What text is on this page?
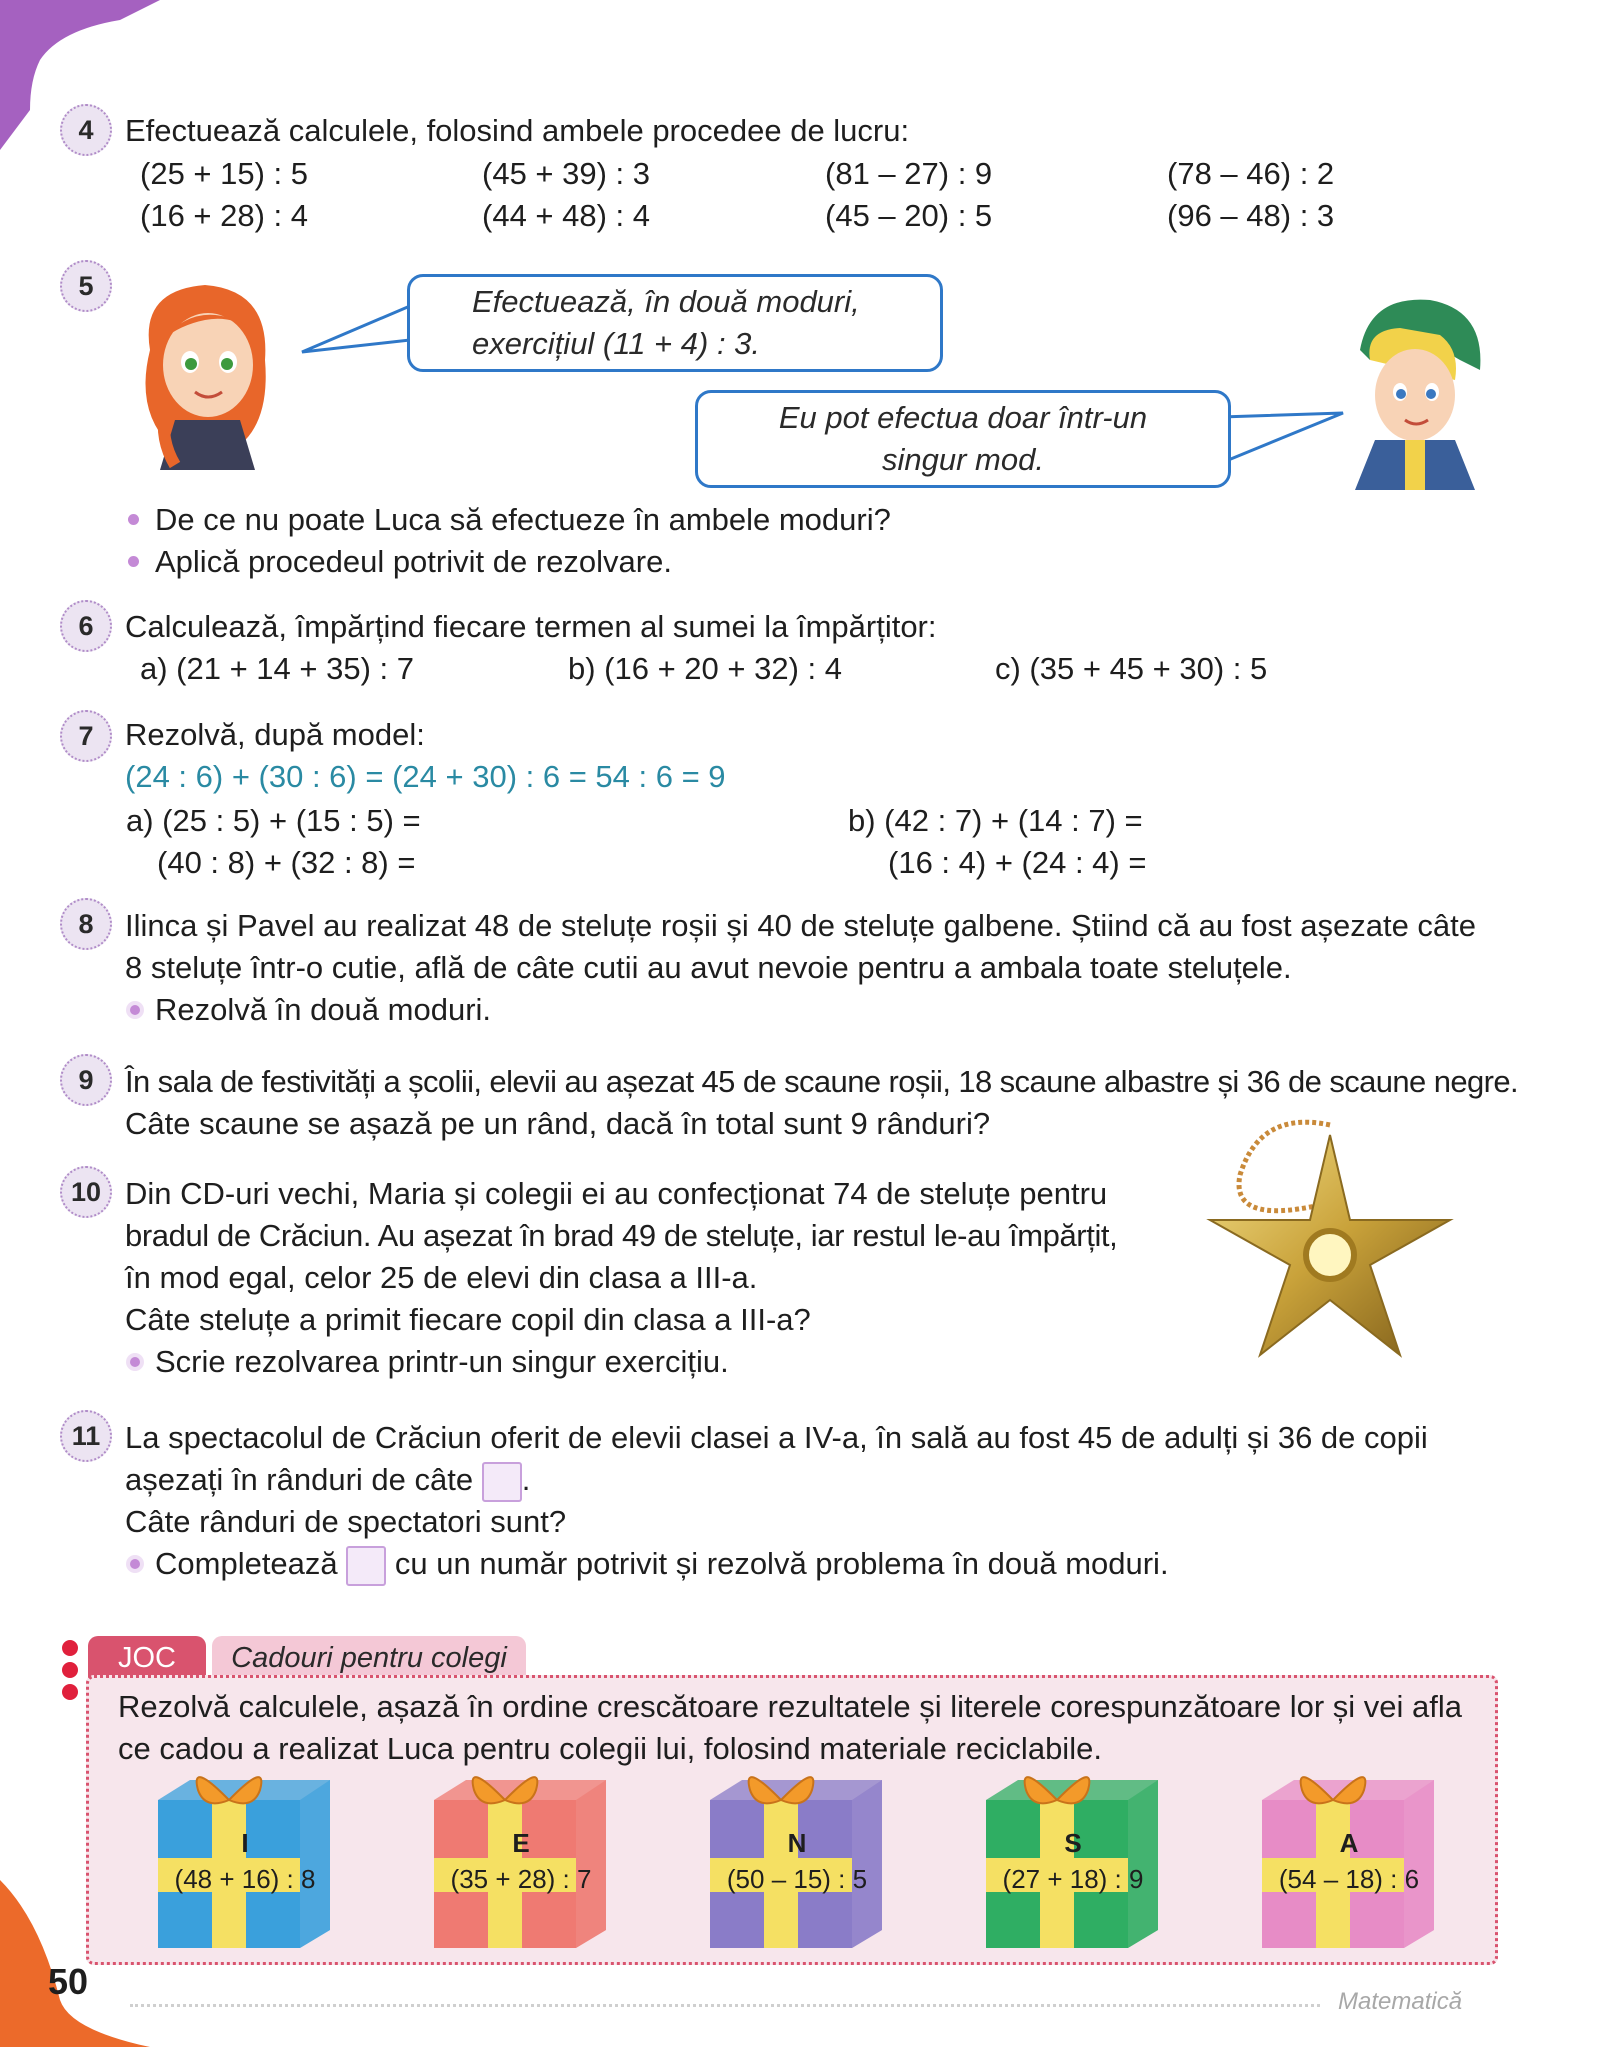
4	Efectuează calculele, folosind ambele procedee de lucru:
(25 + 15) : 5	(45 + 39) : 3	(81 – 27) : 9	(78 – 46) : 2
(16 + 28) : 4	(44 + 48) : 4	(45 – 20) : 5	(96 – 48) : 3
5	Efectuează, în două moduri,
exercițiul (11 + 4) : 3.
Eu pot efectua doar într-un
singur mod.
De ce nu poate Luca să efectueze în ambele moduri?
Aplică procedeul potrivit de rezolvare.
6	Calculează, împărțind fiecare termen al sumei la împărțitor:
a) (21 + 14 + 35) : 7	b) (16 + 20 + 32) : 4	c) (35 + 45 + 30) : 5
7	Rezolvă, după model:
(24 : 6) + (30 : 6) = (24 + 30) : 6 = 54 : 6 = 9
a) (25 : 5) + (15 : 5) =
(40 : 8) + (32 : 8) =
b) (42 : 7) + (14 : 7) =
(16 : 4) + (24 : 4) =
8	Ilinca și Pavel au realizat 48 de steluțe roșii și 40 de steluțe galbene. Știind că au fost așezate câte
8 steluțe într-o cutie, află de câte cutii au avut nevoie pentru a ambala toate steluțele.
Rezolvă în două moduri.
9	În sala de festivități a școlii, elevii au așezat 45 de scaune roșii, 18 scaune albastre și 36 de scaune negre.
Câte scaune se așază pe un rând, dacă în total sunt 9 rânduri?
10 Din CD-uri vechi, Maria și colegii ei au confecționat 74 de steluțe pentru
bradul de Crăciun. Au așezat în brad 49 de steluțe, iar restul le-au împărțit,
în mod egal, celor 25 de elevi din clasa a III-a.
Câte steluțe a primit fiecare copil din clasa a III-a?
Scrie rezolvarea printr-un singur exercițiu.
11 La spectacolul de Crăciun oferit de elevii clasei a IV-a, în sală au fost 45 de adulți și 36 de copii
așezați în rânduri de câte .
Câte rânduri de spectatori sunt?
Completează cu un număr potrivit și rezolvă problema în două moduri.
JOC	Cadouri pentru colegi
Rezolvă calculele, așază în ordine crescătoare rezultatele și literele corespunzătoare lor și vei afla
ce cadou a realizat Luca pentru colegii lui, folosind materiale reciclabile.
I
(48 + 16) : 8
E
(35 + 28) : 7
N
(50 – 15) : 5
S
(27 + 18) : 9
A
(54 – 18) : 6
50	Matematică
